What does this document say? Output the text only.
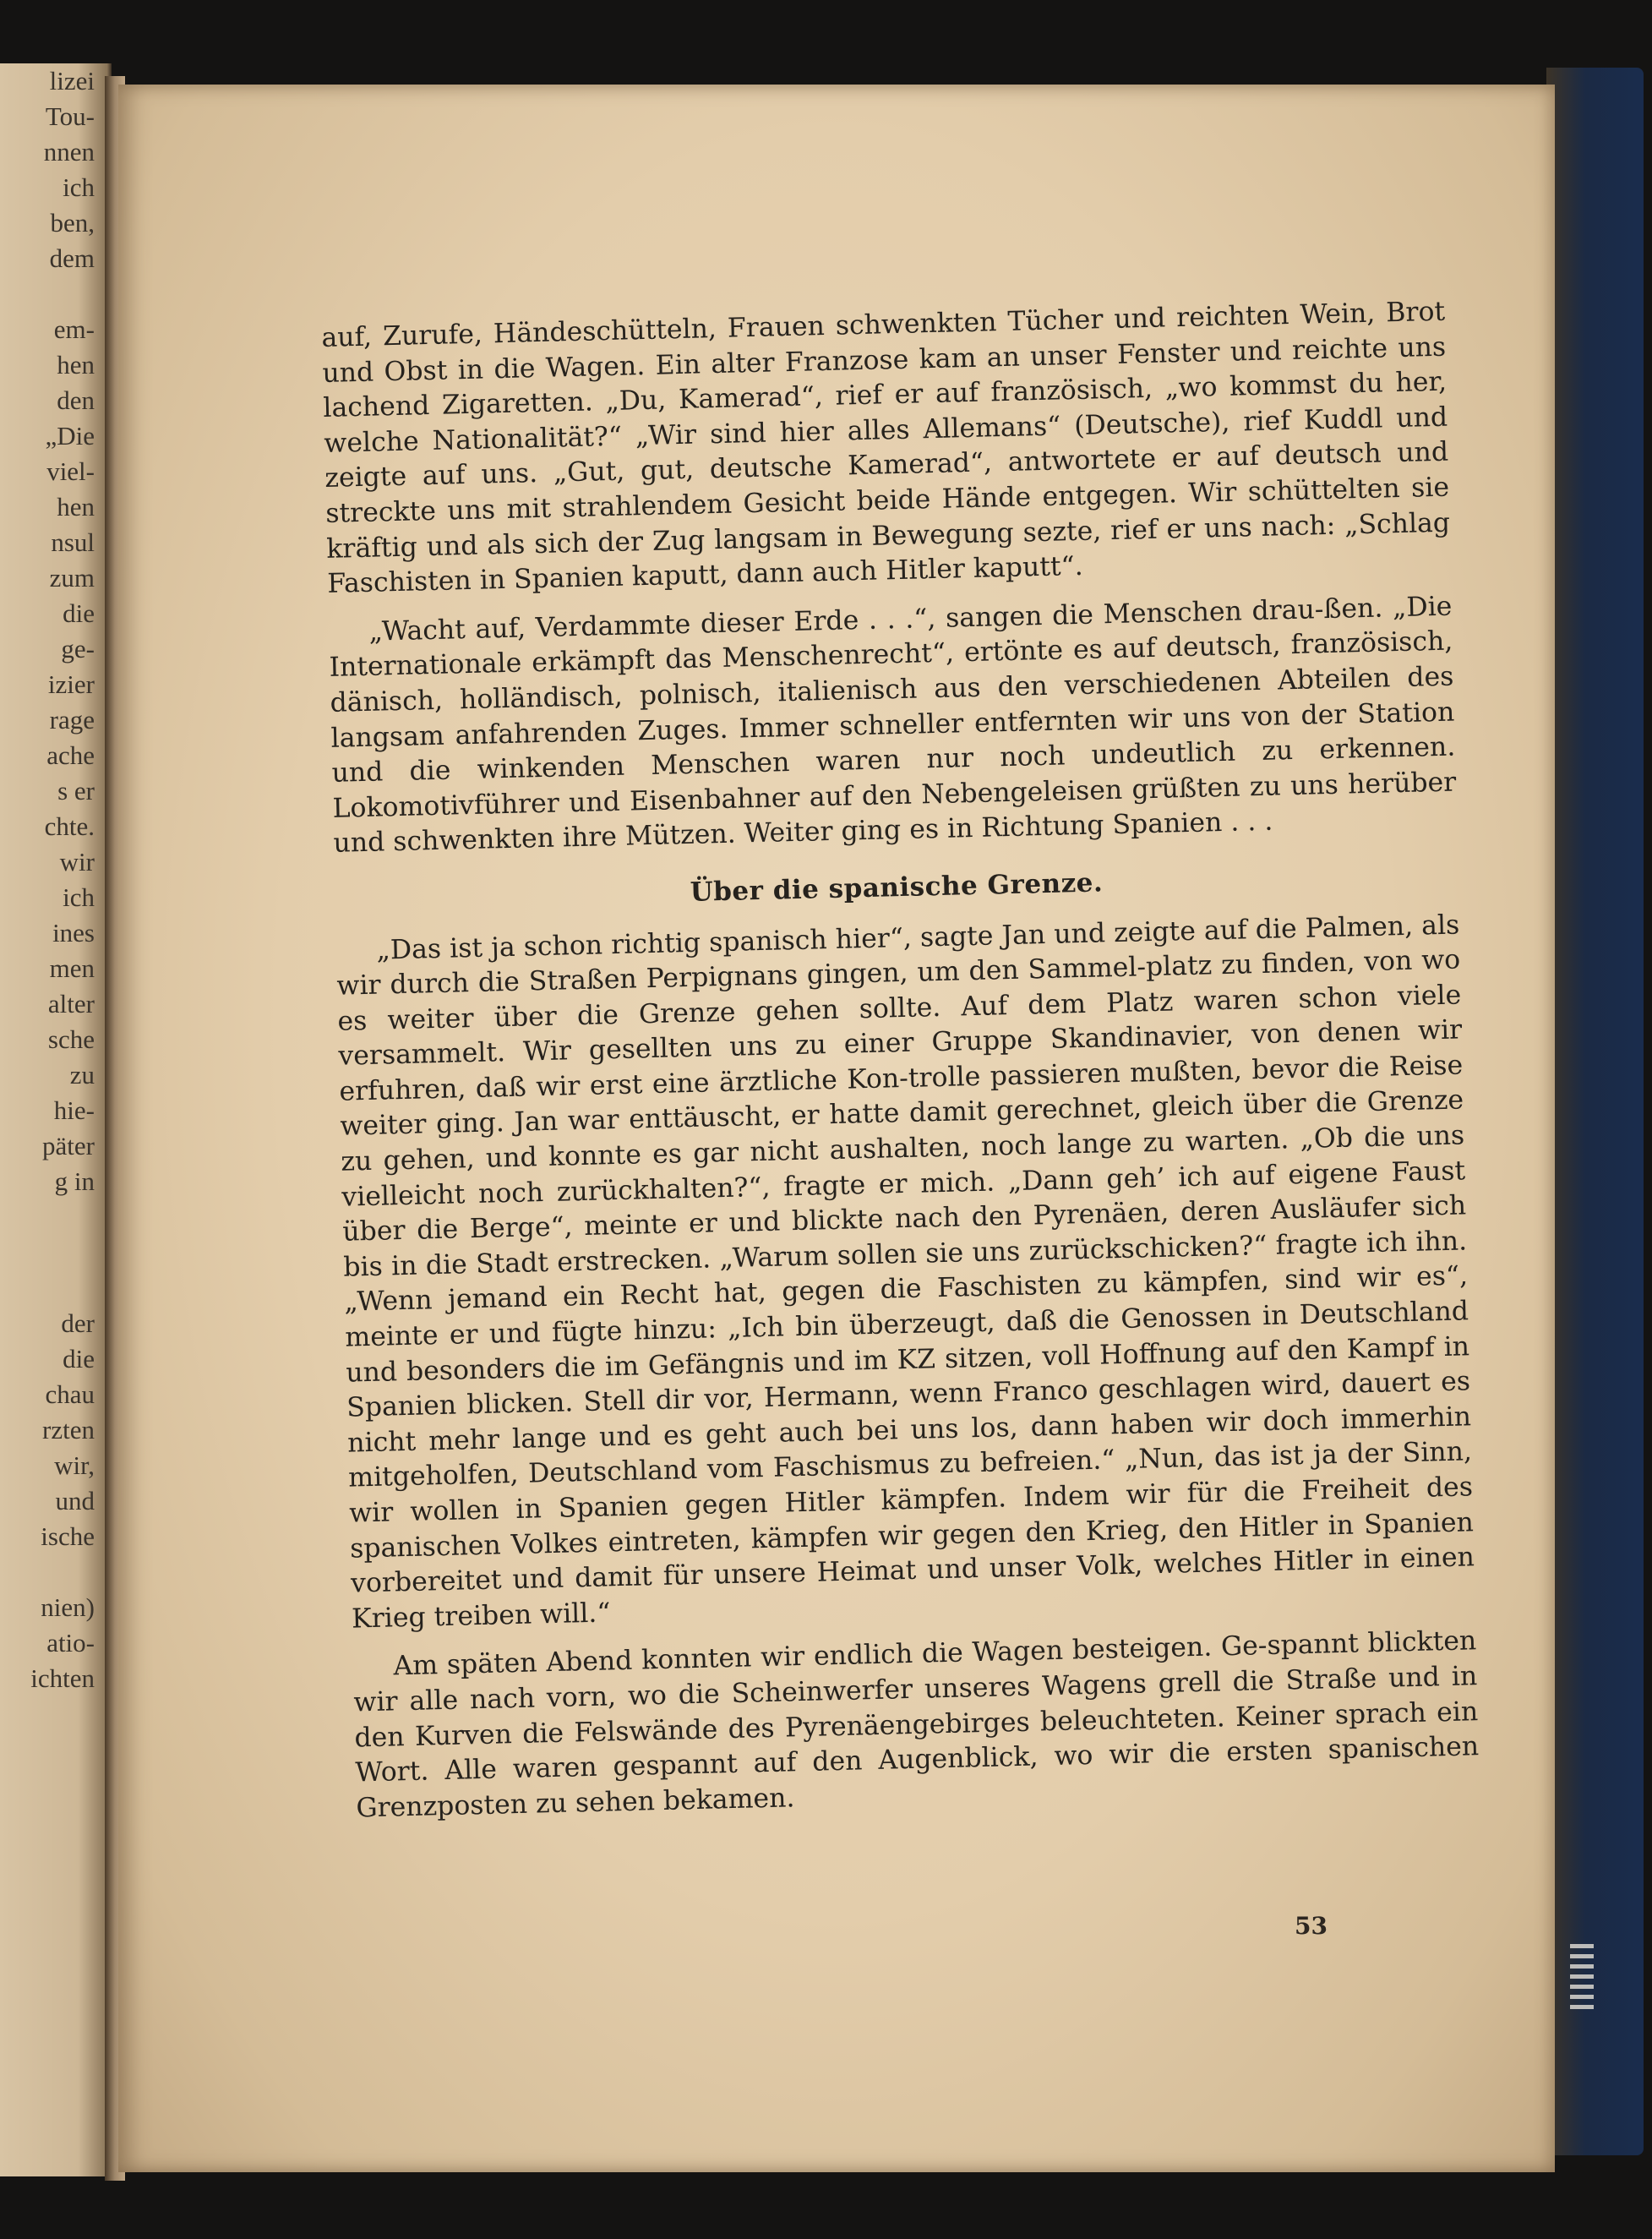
lizei
Tou-
nnen
ich
ben,
dem
em-
hen
den
„Die
viel-
hen
nsul
zum
die
ge-
izier
rage
ache
s er
chte.
wir
ich
ines
men
alter
sche
zu
hie-
päter
g in
der
die
chau
rzten
wir,
und
ische
nien)
atio-
ichten

auf, Zurufe, Händeschütteln, Frauen schwenkten Tücher und reichten Wein, Brot und Obst in die Wagen. Ein alter Franzose kam an unser Fenster und reichte uns lachend Zigaretten. „Du, Kamerad“, rief er auf französisch, „wo kommst du her, welche Nationalität?“ „Wir sind hier alles Allemans“ (Deutsche), rief Kuddl und zeigte auf uns. „Gut, gut, deutsche Kamerad“, antwortete er auf deutsch und streckte uns mit strahlendem Gesicht beide Hände entgegen. Wir schüttelten sie kräftig und als sich der Zug langsam in Bewegung sezte, rief er uns nach: „Schlag Faschisten in Spanien kaputt, dann auch Hitler kaputt“.

„Wacht auf, Verdammte dieser Erde . . .“, sangen die Menschen drau-ßen. „Die Internationale erkämpft das Menschenrecht“, ertönte es auf deutsch, französisch, dänisch, holländisch, polnisch, italienisch aus den verschiedenen Abteilen des langsam anfahrenden Zuges. Immer schneller entfernten wir uns von der Station und die winkenden Menschen waren nur noch undeutlich zu erkennen. Lokomotivführer und Eisenbahner auf den Nebengeleisen grüßten zu uns herüber und schwenkten ihre Mützen. Weiter ging es in Richtung Spanien . . .

Über die spanische Grenze.

„Das ist ja schon richtig spanisch hier“, sagte Jan und zeigte auf die Palmen, als wir durch die Straßen Perpignans gingen, um den Sammel-platz zu finden, von wo es weiter über die Grenze gehen sollte. Auf dem Platz waren schon viele versammelt. Wir gesellten uns zu einer Gruppe Skandinavier, von denen wir erfuhren, daß wir erst eine ärztliche Kon-trolle passieren mußten, bevor die Reise weiter ging. Jan war enttäuscht, er hatte damit gerechnet, gleich über die Grenze zu gehen, und konnte es gar nicht aushalten, noch lange zu warten. „Ob die uns vielleicht noch zurückhalten?“, fragte er mich. „Dann geh’ ich auf eigene Faust über die Berge“, meinte er und blickte nach den Pyrenäen, deren Ausläufer sich bis in die Stadt erstrecken. „Warum sollen sie uns zurückschicken?“ fragte ich ihn. „Wenn jemand ein Recht hat, gegen die Faschisten zu kämpfen, sind wir es“, meinte er und fügte hinzu: „Ich bin überzeugt, daß die Genossen in Deutschland und besonders die im Gefängnis und im KZ sitzen, voll Hoffnung auf den Kampf in Spanien blicken. Stell dir vor, Hermann, wenn Franco geschlagen wird, dauert es nicht mehr lange und es geht auch bei uns los, dann haben wir doch immerhin mitgeholfen, Deutschland vom Faschismus zu befreien.“ „Nun, das ist ja der Sinn, wir wollen in Spanien gegen Hitler kämpfen. Indem wir für die Freiheit des spanischen Volkes eintreten, kämpfen wir gegen den Krieg, den Hitler in Spanien vorbereitet und damit für unsere Heimat und unser Volk, welches Hitler in einen Krieg treiben will.“

Am späten Abend konnten wir endlich die Wagen besteigen. Ge-spannt blickten wir alle nach vorn, wo die Scheinwerfer unseres Wagens grell die Straße und in den Kurven die Felswände des Pyrenäengebirges beleuchteten. Keiner sprach ein Wort. Alle waren gespannt auf den Augenblick, wo wir die ersten spanischen Grenzposten zu sehen bekamen.

53
